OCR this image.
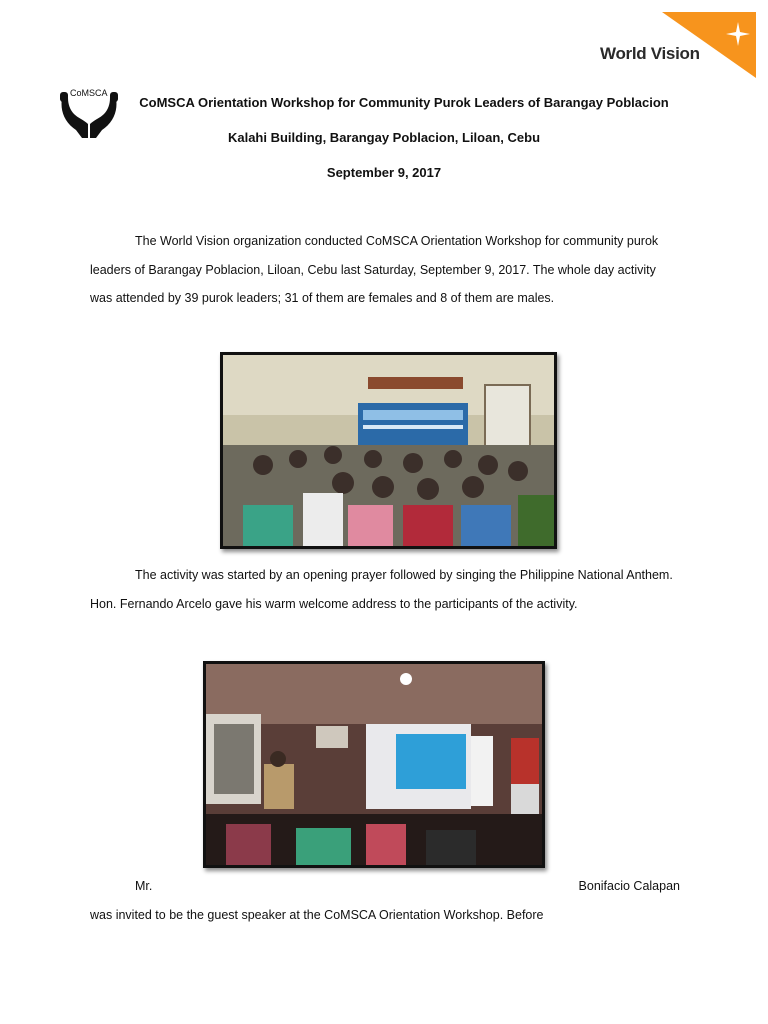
World Vision
CoMSCA
CoMSCA Orientation Workshop for Community Purok Leaders of Barangay Poblacion
Kalahi Building, Barangay Poblacion, Liloan, Cebu
September 9, 2017
The World Vision organization conducted CoMSCA Orientation Workshop for community purok leaders of Barangay Poblacion, Liloan, Cebu last Saturday, September 9, 2017. The whole day activity was attended by 39 purok leaders; 31 of them are females and 8 of them are males.
The activity was started by an opening prayer followed by singing the Philippine National Anthem. Hon. Fernando Arcelo gave his warm welcome address to the participants of the activity.
Mr.	Bonifacio Calapan
was invited to be the guest speaker at the CoMSCA Orientation Workshop. Before
